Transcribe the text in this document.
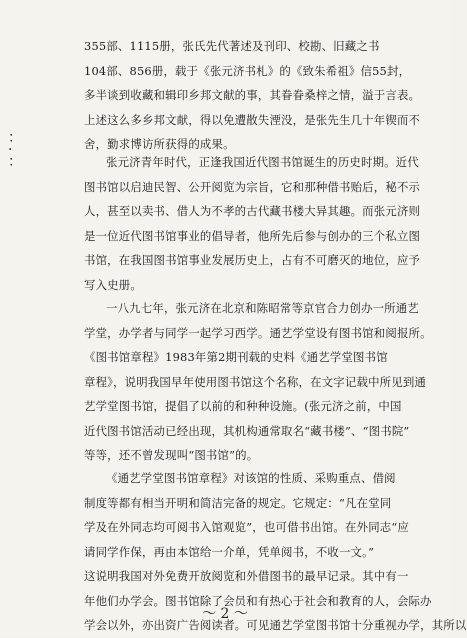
：
·
：
355部、1115册，张氏先代著述及刊印、校勘、旧藏之书
104部、856册，载于《张元济书札》的《致朱希祖》信55封，
多半谈到收藏和辑印乡邦文献的事，其眷眷桑梓之情，溢于言表。
上述这么多乡邦文献，得以免遭散失湮没，是张先生几十年锲而不
舍，勤求博访所获得的成果。
张元济青年时代，正逢我国近代图书馆诞生的历史时期。近代
图书馆以启迪民智、公开阅览为宗旨，它和那种借书贻后，秘不示
人，甚至以卖书、借人为不孝的古代藏书楼大异其趣。而张元济则
是一位近代图书馆事业的倡导者，他所先后参与创办的三个私立图
书馆，在我国图书馆事业发展历史上，占有不可磨灭的地位，应予
写入史册。
一八九七年，张元济在北京和陈昭常等京官合力创办一所通艺
学堂，办学者与同学一起学习西学。通艺学堂设有图书馆和阅报所。
《图书馆章程》1983年第2期刊载的史料《通艺学堂图书馆
章程》，说明我国早年使用图书馆这个名称，在文字记载中所见到通
艺学堂图书馆，提倡了以前的和种种设施。(张元济之前，中国
近代图书馆活动已经出现，其机构通常取名“藏书楼”、“图书院”
等等，还不曾发现叫“图书馆”的。
《通艺学堂图书馆章程》对该馆的性质、采购重点、借阅
制度等都有相当开明和简洁完备的规定。它规定：“凡在堂同
学及在外同志均可阅书入馆观览”，也可借书出馆。在外同志“应
请同学作保，再由本馆给一介单，凭单阅书，不收一文。”
这说明我国对外免费开放阅览和外借图书的最早记录。其中有一
年他们办学会。图书馆除了会员和有热心于社会和教育的人，会际办
学会以外，亦出资广告阅读者。可见通艺学堂图书馆十分重视办学，其所以
～ 2 ～
